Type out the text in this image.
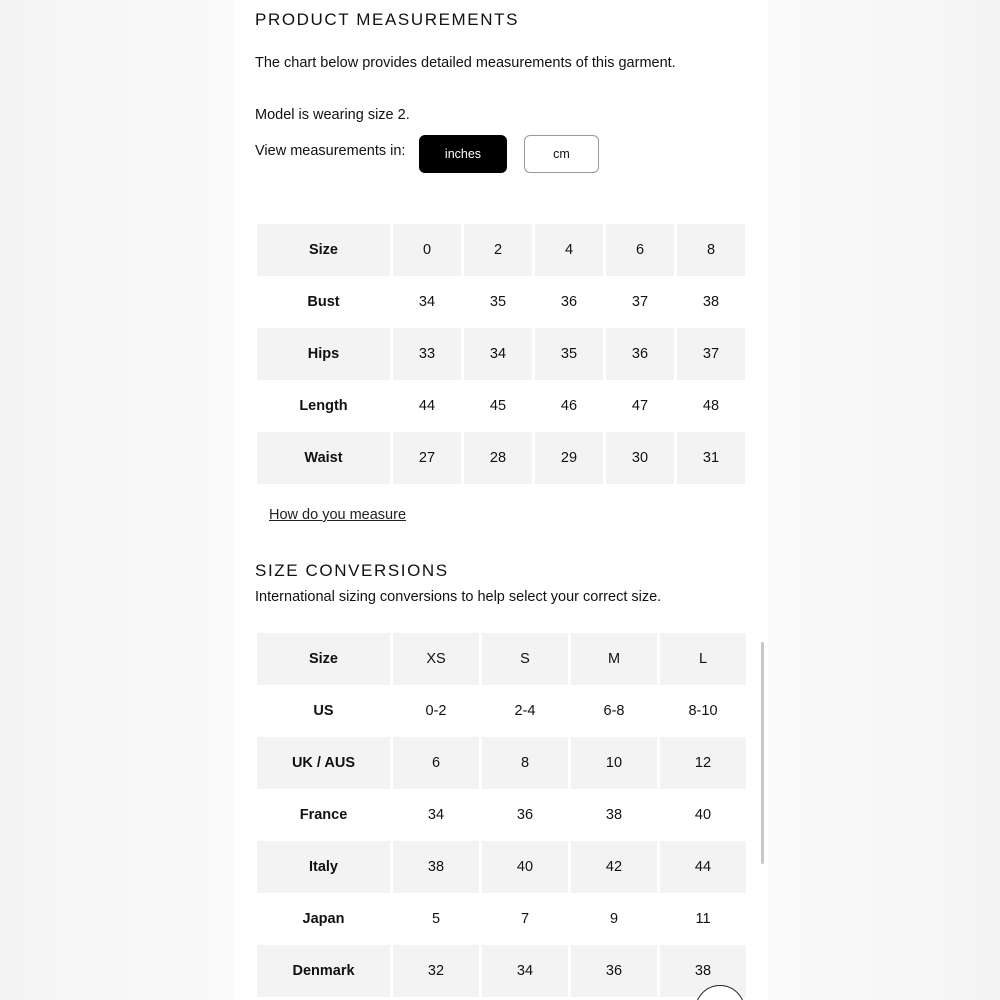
PRODUCT MEASUREMENTS

The chart below provides detailed measurements of this garment.

Model is wearing size 2.

View measurements in:	inches	cm
Size	0	2	4	6	8
Bust	34	35	36	37	38
Hips	33	34	35	36	37
Length	44	45	46	47	48
Waist	27	28	29	30	31
How do you measure
SIZE CONVERSIONS

International sizing conversions to help select your correct size.

Size	XS	S	M	L
US	0-2	2-4	6-8	8-10
UK / AUS	6	8	10	12
France	34	36	38	40
Italy	38	40	42	44
Japan	5	7	9	11
Denmark	32	34	36	38
